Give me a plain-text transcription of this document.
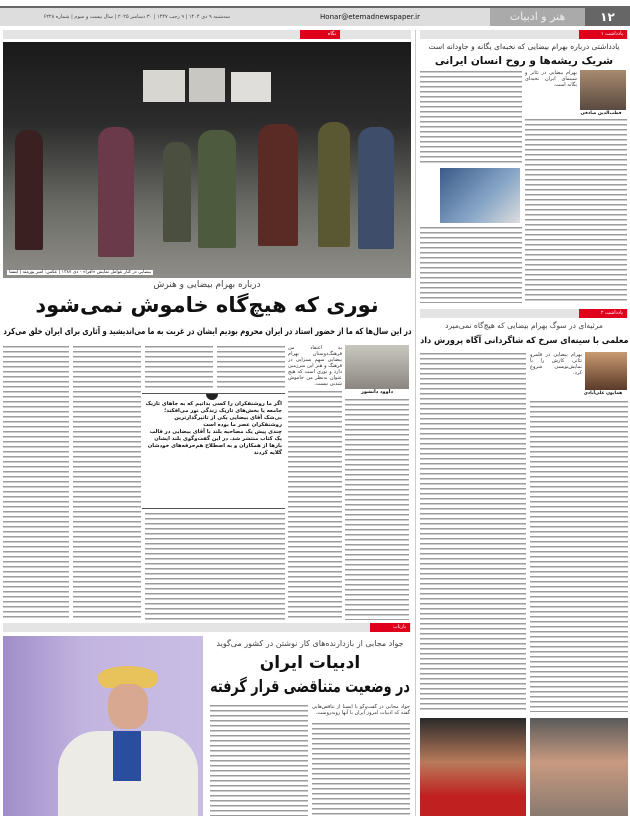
۱۲
هنر و ادبیات
Honar@etemadnewspaper.ir
سه‌شنبه ۹ دی ۱۴۰۴ | ۹ رجب ۱۴۴۷ | ۳۰ دسامبر ۲۰۲۵ | سال بیست و سوم | شماره ۶۲۲۸
نگاه	یادداشت ۱
بیضایی در کنار عوامل نمایش «افرا» - دی ۱۳۸۷ | عکس: امیر پورمند | ایسنا
درباره بهرام بیضایی و هنرش
نوری که هیچ‌گاه خاموش نمی‌شود
در این سال‌ها که ما از حضور استاد در ایران محروم بودیم ایشان در غربت به ما می‌اندیشید و آثاری برای ایران خلق می‌کرد
داوود دانشور
به اعتقاد من فرهنگ‌دوستان بهرام بیضایی سهم بسزایی در فرهنگ و هنر این سرزمین دارد و نوری است که هیچ عنوان به‌نظر من خاموش شدنی نیست.

اگر ما روشنفکران را کسی بدانیم که به جاهای تاریک جامعه یا بخش‌های تاریک زندگی نور می‌افکند؛ بی‌شک آقای بیضایی یکی از تاثیرگذارترین روشنفکران عصر ما بوده است

چندی پیش یک مصاحبه بلند با آقای بیضایی در قالب یک کتاب منتشر شد. در این گفت‌وگوی بلند ایشان بارها از همکاران و به اصطلاح هم‌حرفه‌های خودشان گلایه کردند

بازتاب
جواد مجابی از بازدارنده‌های کار نوشتن در کشور می‌گوید
ادبیات ایران
در وضعیت متناقضی قرار گرفته
جواد مجابی در گفت‌وگو با ایسنا از تناقض‌هایی گفته که ادبیات امروز ایران با آنها روبه‌روست.
یادداشتی درباره بهرام بیضایی که نخبه‌ای یگانه و جاودانه است
شریک ریشه‌ها و روح انسان ایرانی
قطب‌الدین صادقی
بهرام بیضایی در تئاتر و سینمای ایران نخبه‌ای یگانه است.
یادداشت ۲
مرثیه‌ای در سوگ بهرام بیضایی که هیچ‌گاه نمی‌میرد
معلمی با سینه‌ای سرخ که شاگردانی آگاه پرورش داد
همایون علی‌آبادی
بهرام بیضایی در قلمرو تئاتر، کارش را با نمایش‌نویسی شروع کرد.
